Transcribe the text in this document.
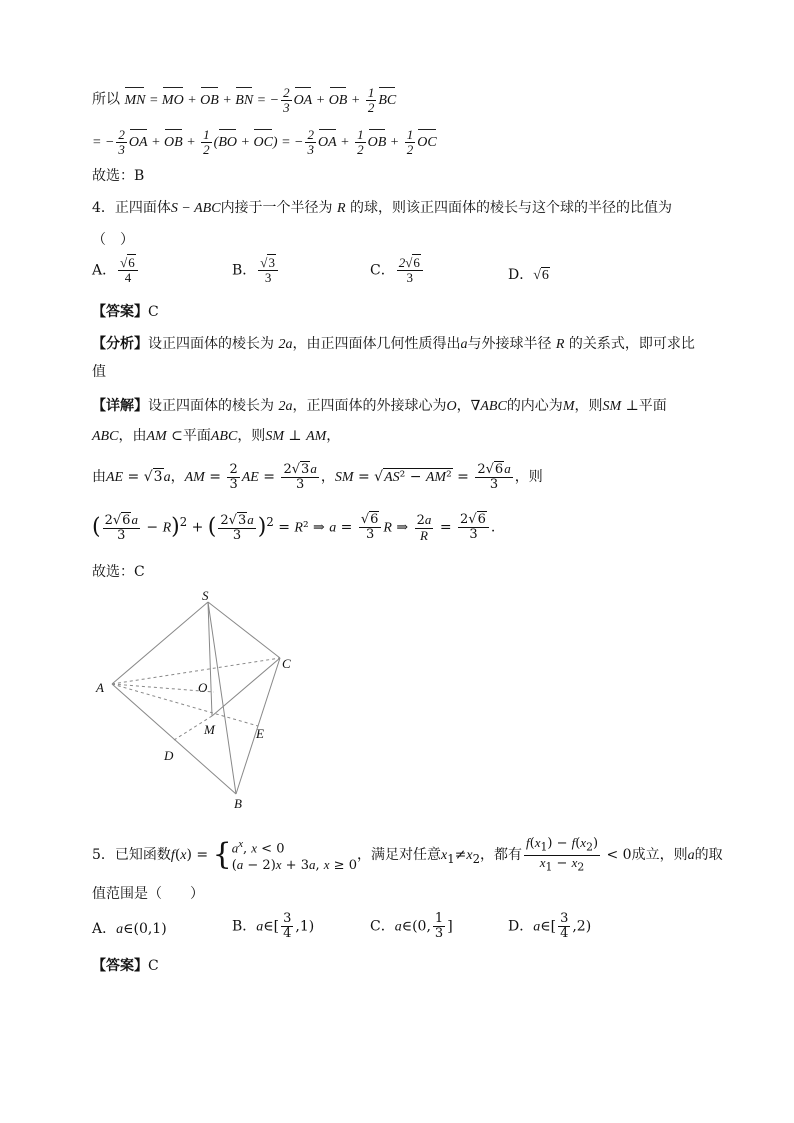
所以 MN = MO + OB + BN = − $\frac{2}{3}$ OA + OB + $\frac{1}{2}$ BC
= − $\frac{2}{3}$ OA + OB + $\frac{1}{2} (BO + OC)$ = − $\frac{2}{3}$ OA + $\frac{1}{2}$ OB + $\frac{1}{2}$ OC
故选：B
4．正四面体S − ABC内接于一个半径为 R 的球，则该正四面体的棱长与这个球的半径的比值为
（　）
A． $\frac{√6}{4}$	B． $\frac{√3}{3}$	C． $\frac{2√6}{3}$	D．√6
【答案】C
【分析】设正四面体的棱长为 2a，由正四面体几何性质得出a与外接球半径 R 的关系式，即可求比
值
【详解】设正四面体的棱长为 2a，正四面体的外接球心为O，∇ABC的内心为M，则SM ⊥平面
ABC，由AM ⊂平面ABC，则SM ⊥ AM，
由AE = √3a，AM = $\frac{2}{3}$ AE = $\frac{2√3a}{3}$ ，SM = $√AS^2 - AM^2 = \frac{2√6a}{3}$ ，则
( $\frac{2√6a}{3} - R)^2$ + ( $\frac{2√3a}{3} )^2 = R^2$ ⇒ $a = \frac{√6}{3}$ R ⇒ $\frac{2a}{R} = \frac{2√6}{3}$ .
故选：C
S
C
A	O
M	E
D
B
5．已知函数$f(x) = \{a^x$, x < 0
(a − 2)x + 3a, x ≥ 0，满足对任意$x_1\ne x_2$，都有 $\frac{f(x_1) - f(x_2)}{x_1 - x_2} < 0$成立，则a的取
值范围是（　　）
A．a∈(0,1)	B．a∈[ $\frac{3}{4} ,1$)	C．a∈(0, $\frac{1}{3}$ ]	D．a∈[ $\frac{3}{4} ,2$)
【答案】C
